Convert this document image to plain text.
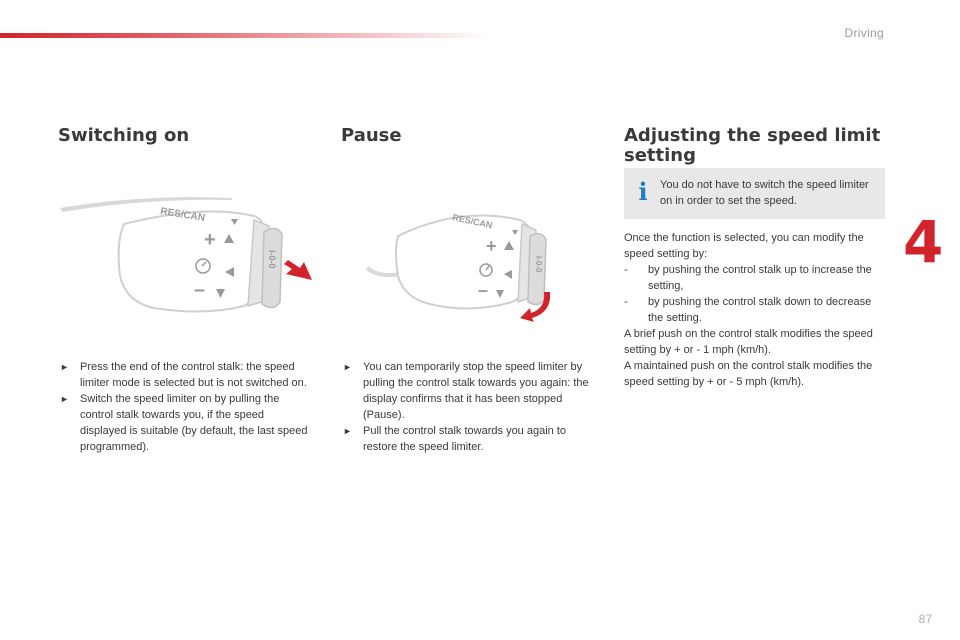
Driving
4
Switching on
RES/CAN
+
–
I-0-0
► Press the end of the control stalk: the speed limiter mode is selected but is not switched on.
► Switch the speed limiter on by pulling the control stalk towards you, if the speed displayed is suitable (by default, the last speed programmed).
Pause
RES/CAN
+
–
I-0-0
► You can temporarily stop the speed limiter by pulling the control stalk towards you again: the display confirms that it has been stopped (Pause).
► Pull the control stalk towards you again to restore the speed limiter.
Adjusting the speed limit
setting
i You do not have to switch the speed limiter on in order to set the speed.
Once the function is selected, you can modify the speed setting by:
- by pushing the control stalk up to increase the setting,
- by pushing the control stalk down to decrease the setting.
A brief push on the control stalk modifies the speed setting by + or - 1 mph (km/h).
A maintained push on the control stalk modifies the speed setting by + or - 5 mph (km/h).
87
